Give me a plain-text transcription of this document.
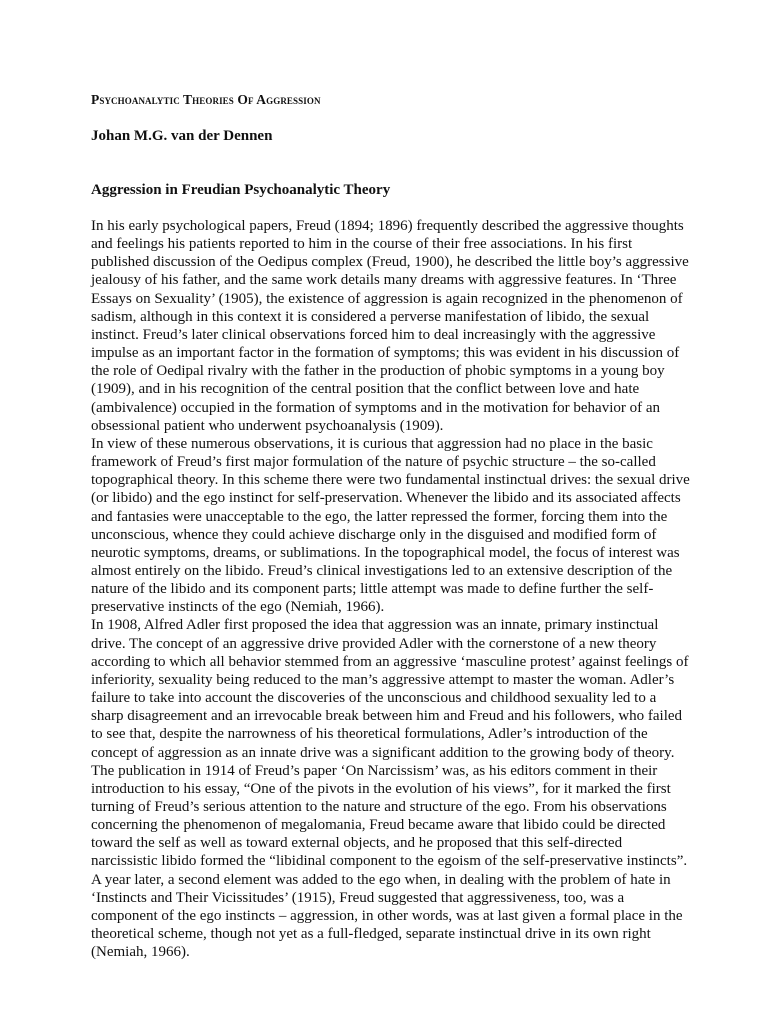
Psychoanalytic Theories Of Aggression
Johan M.G. van der Dennen
Aggression in Freudian Psychoanalytic Theory

In his early psychological papers, Freud (1894; 1896) frequently described the aggressive thoughts and feelings his patients reported to him in the course of their free associations. In his first published discussion of the Oedipus complex (Freud, 1900), he described the little boy’s aggressive jealousy of his father, and the same work details many dreams with aggressive features. In ‘Three Essays on Sexuality’ (1905), the existence of aggression is again recognized in the phenomenon of sadism, although in this context it is considered a perverse manifestation of libido, the sexual instinct. Freud’s later clinical observations forced him to deal increasingly with the aggressive impulse as an important factor in the formation of symptoms; this was evident in his discussion of the role of Oedipal rivalry with the father in the production of phobic symptoms in a young boy (1909), and in his recognition of the central position that the conflict between love and hate (ambivalence) occupied in the formation of symptoms and in the motivation for behavior of an obsessional patient who underwent psychoanalysis (1909).

In view of these numerous observations, it is curious that aggression had no place in the basic framework of Freud’s first major formulation of the nature of psychic structure – the so-called topographical theory. In this scheme there were two fundamental instinctual drives: the sexual drive (or libido) and the ego instinct for self-preservation. Whenever the libido and its associated affects and fantasies were unacceptable to the ego, the latter repressed the former, forcing them into the unconscious, whence they could achieve discharge only in the disguised and modified form of neurotic symptoms, dreams, or sublimations. In the topographical model, the focus of interest was almost entirely on the libido. Freud’s clinical investigations led to an extensive description of the nature of the libido and its component parts; little attempt was made to define further the self-preservative instincts of the ego (Nemiah, 1966).

In 1908, Alfred Adler first proposed the idea that aggression was an innate, primary instinctual drive. The concept of an aggressive drive provided Adler with the cornerstone of a new theory according to which all behavior stemmed from an aggressive ‘masculine protest’ against feelings of inferiority, sexuality being reduced to the man’s aggressive attempt to master the woman. Adler’s failure to take into account the discoveries of the unconscious and childhood sexuality led to a sharp disagreement and an irrevocable break between him and Freud and his followers, who failed to see that, despite the narrowness of his theoretical formulations, Adler’s introduction of the concept of aggression as an innate drive was a significant addition to the growing body of theory.

The publication in 1914 of Freud’s paper ‘On Narcissism’ was, as his editors comment in their introduction to his essay, “One of the pivots in the evolution of his views”, for it marked the first turning of Freud’s serious attention to the nature and structure of the ego. From his observations concerning the phenomenon of megalomania, Freud became aware that libido could be directed toward the self as well as toward external objects, and he proposed that this self-directed narcissistic libido formed the “libidinal component to the egoism of the self-preservative instincts”. A year later, a second element was added to the ego when, in dealing with the problem of hate in ‘Instincts and Their Vicissitudes’ (1915), Freud suggested that aggressiveness, too, was a component of the ego instincts – aggression, in other words, was at last given a formal place in the theoretical scheme, though not yet as a full-fledged, separate instinctual drive in its own right (Nemiah, 1966).
